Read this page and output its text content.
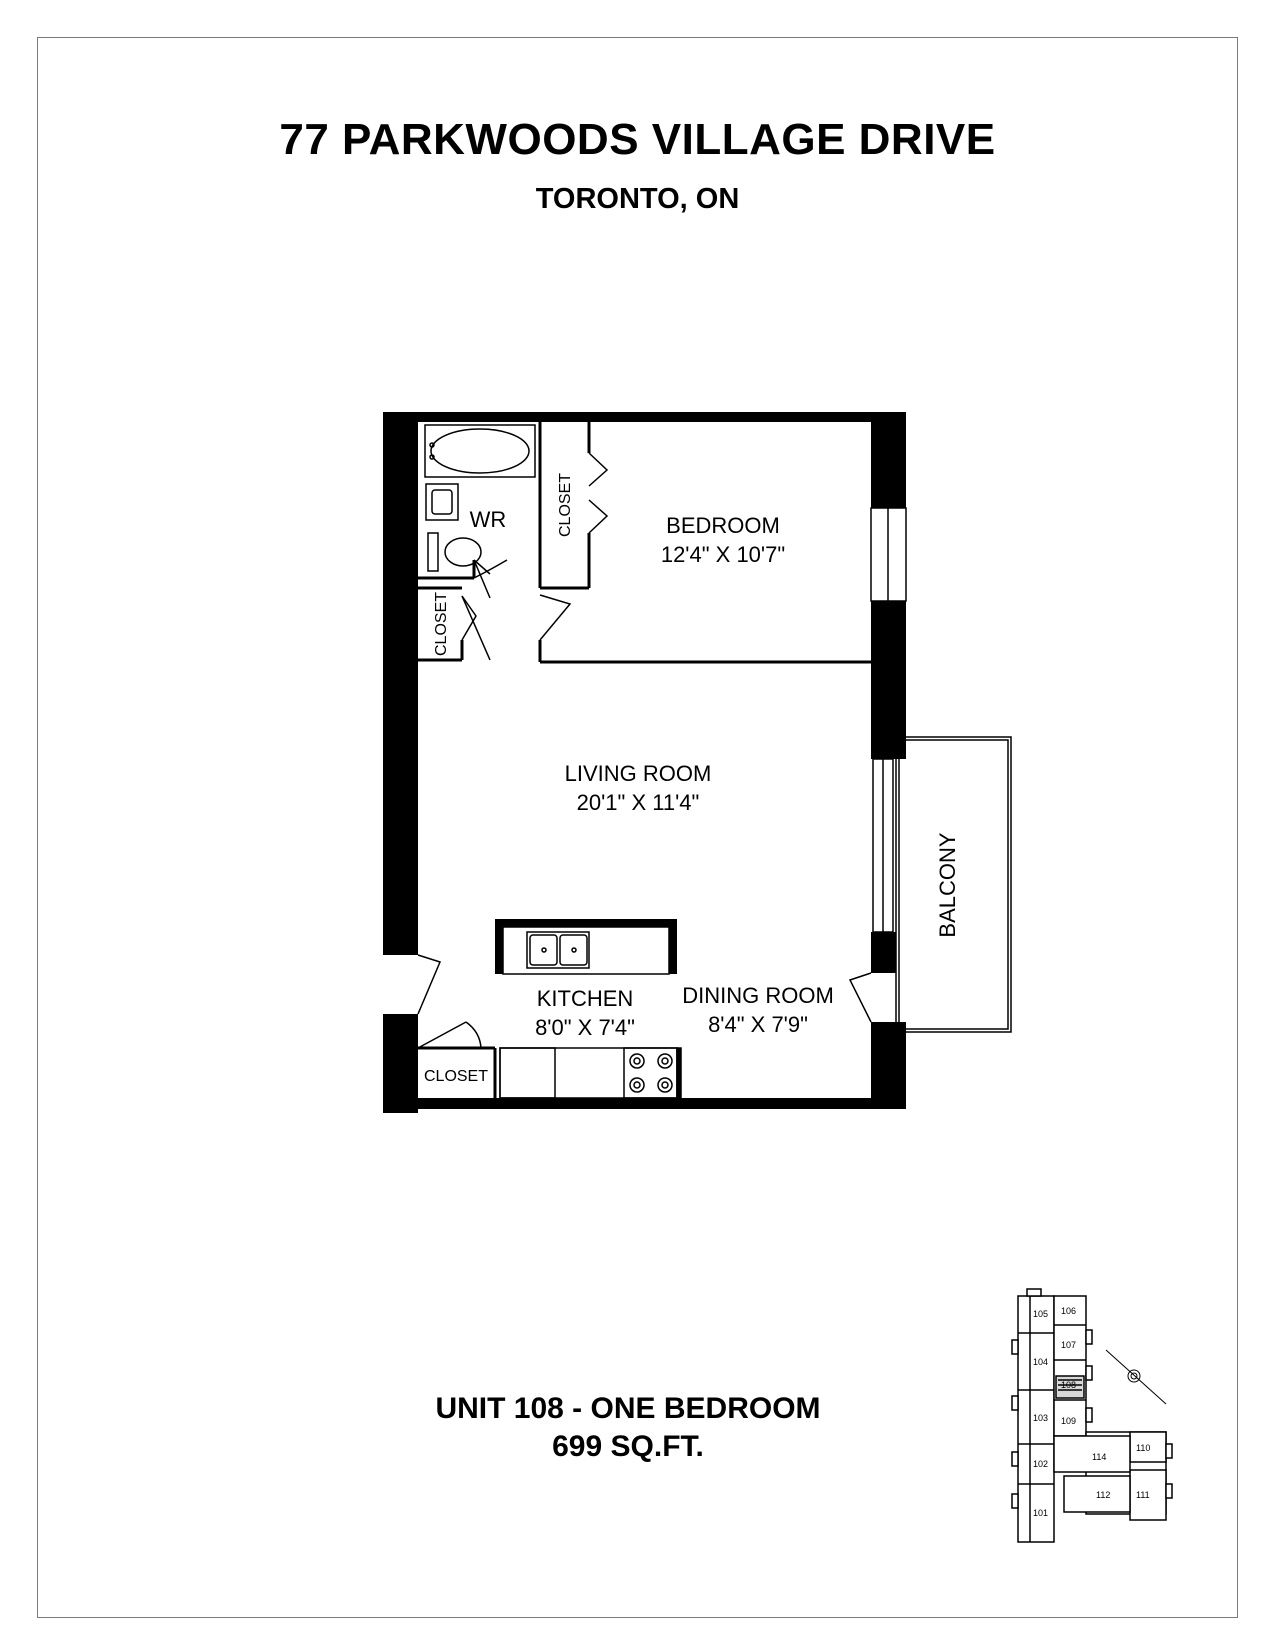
77 PARKWOODS VILLAGE DRIVE
TORONTO, ON
BEDROOM
12'4" X 10'7"
WR	CLOSET
CLOSET
LIVING ROOM
20'1" X 11'4"
KITCHEN
8'0" X 7'4"
DINING ROOM
8'4" X 7'9"
CLOSET
BALCONY
105 106
107
104
108
103 109
102
114
110
112	111
101
UNIT 108 - ONE BEDROOM
699 SQ.FT.
